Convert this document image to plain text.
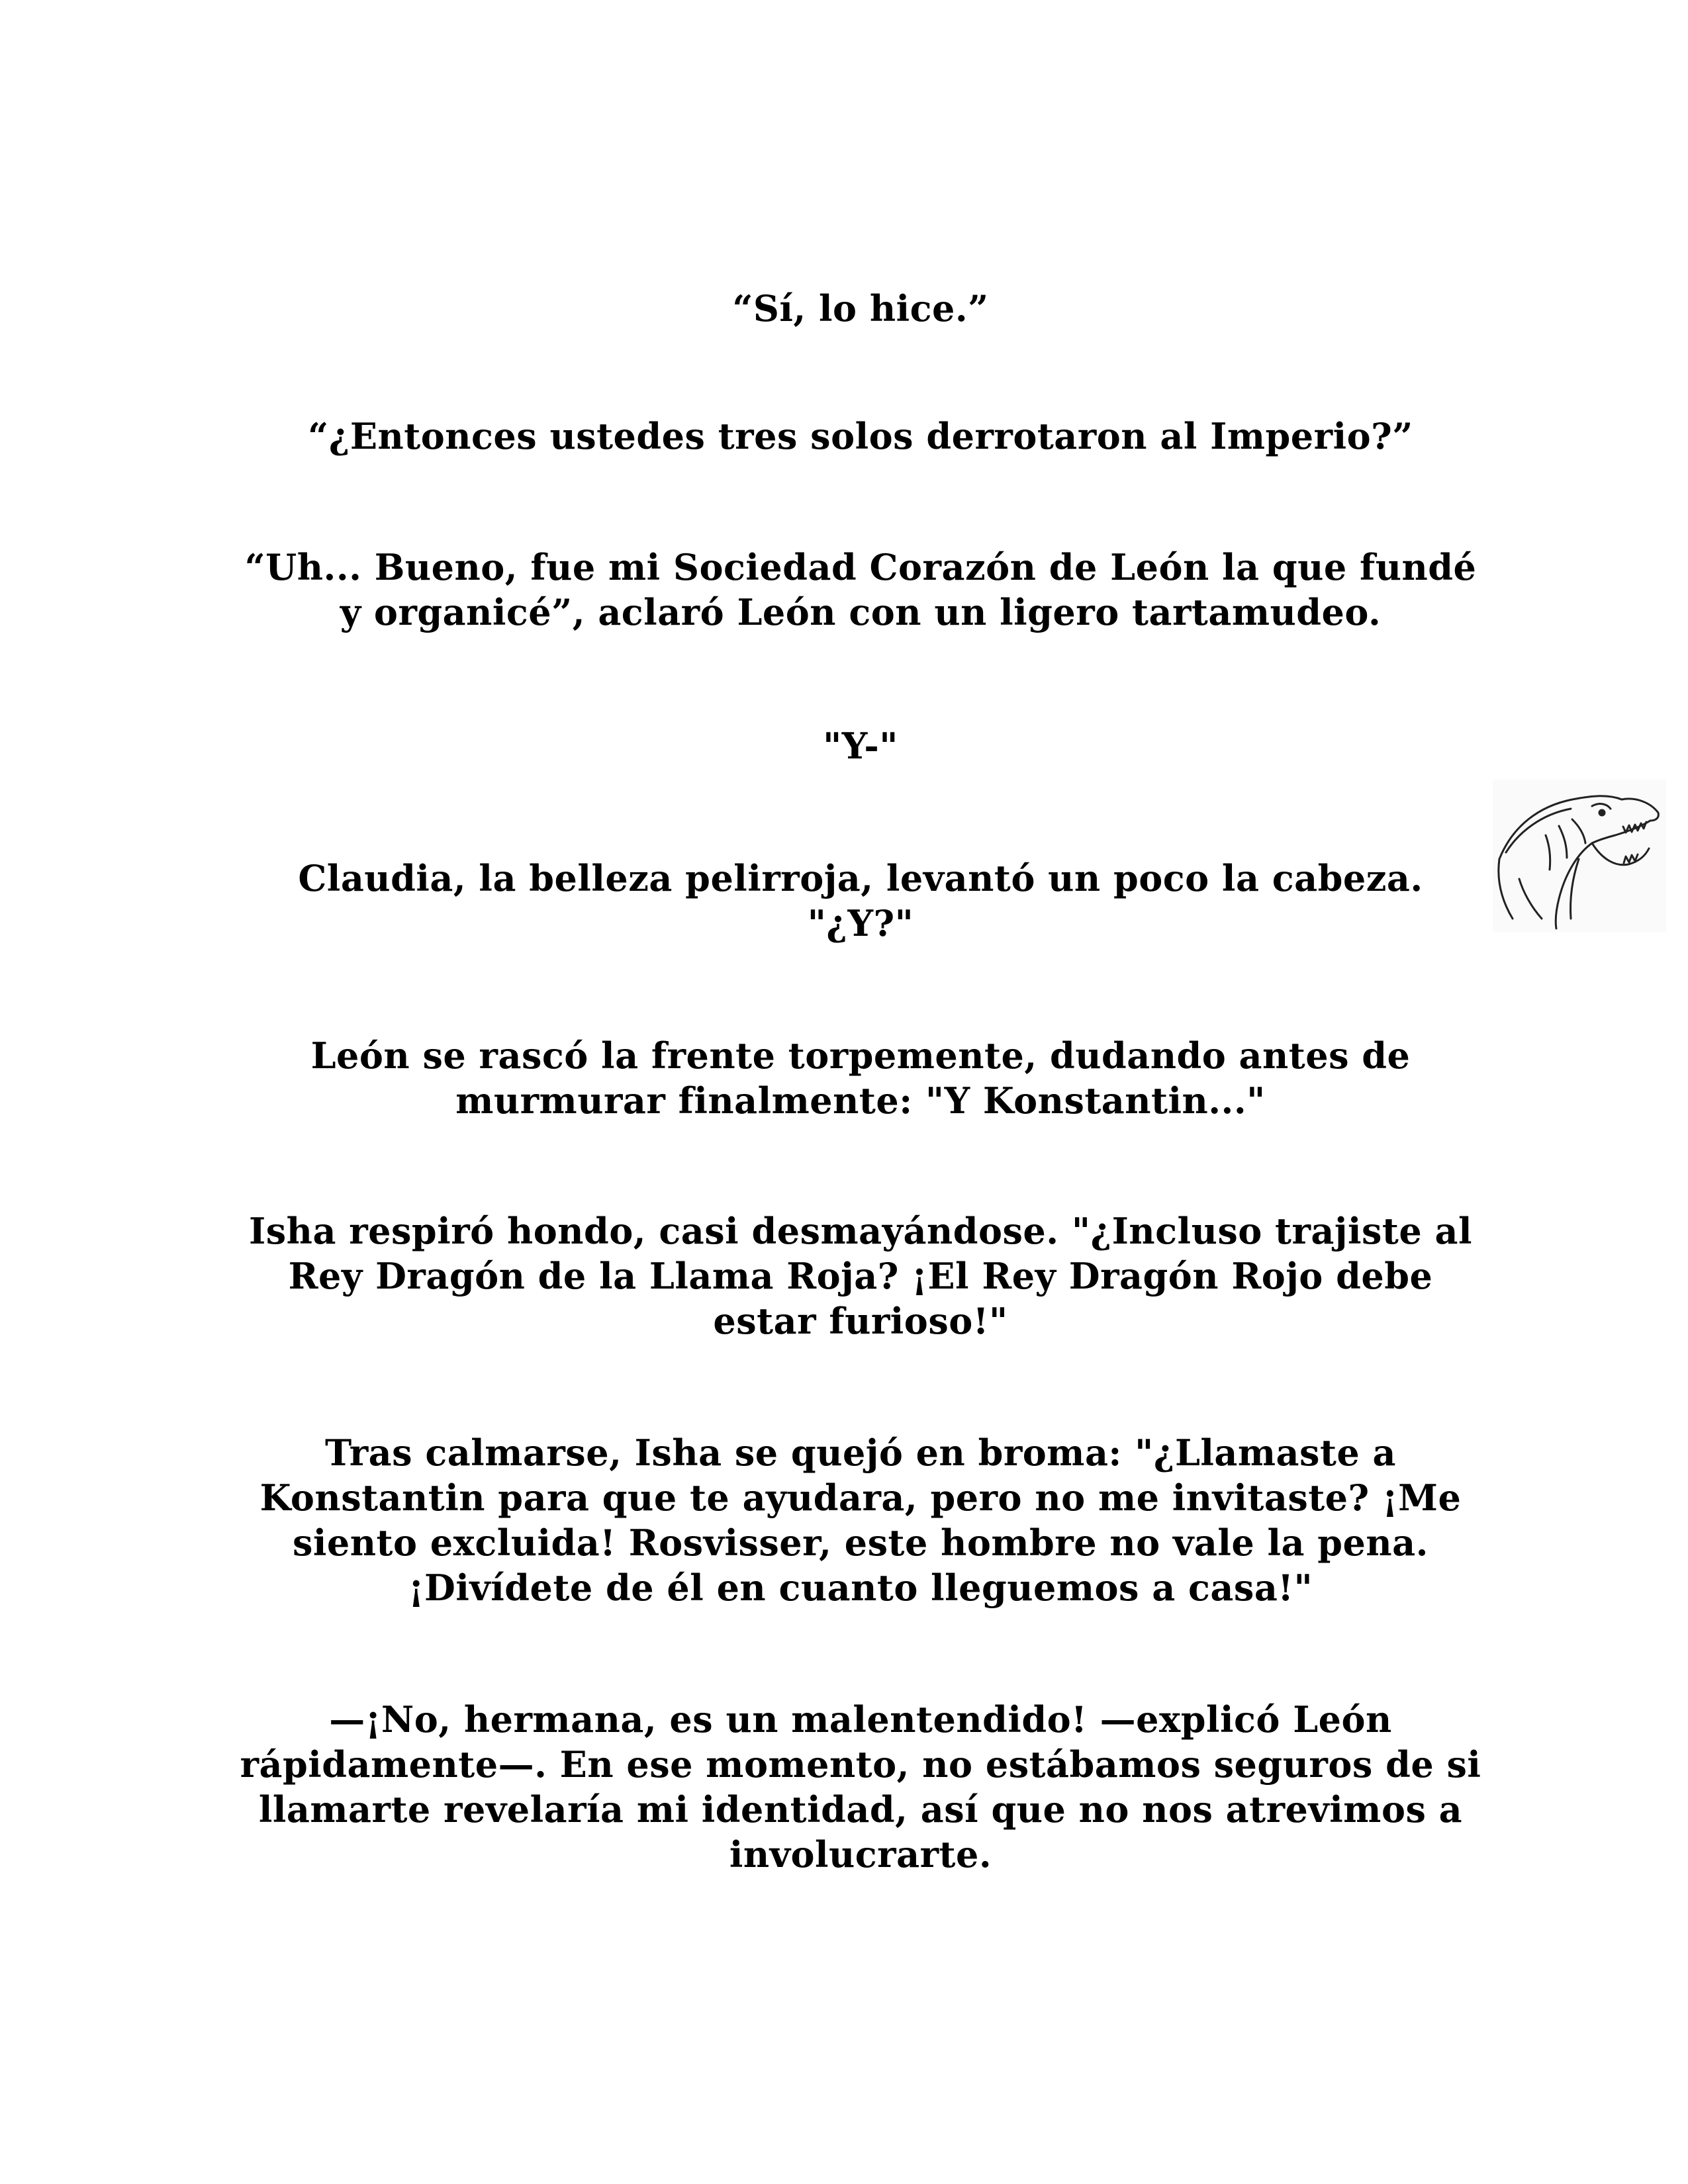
“Sí, lo hice.”

“¿Entonces ustedes tres solos derrotaron al Imperio?”

“Uh... Bueno, fue mi Sociedad Corazón de León la que fundé
y organicé”, aclaró León con un ligero tartamudeo.

"Y-"

Claudia, la belleza pelirroja, levantó un poco la cabeza.
"¿Y?"

León se rascó la frente torpemente, dudando antes de
murmurar finalmente: "Y Konstantin..."

Isha respiró hondo, casi desmayándose. "¿Incluso trajiste al
Rey Dragón de la Llama Roja? ¡El Rey Dragón Rojo debe
estar furioso!"

Tras calmarse, Isha se quejó en broma: "¿Llamaste a
Konstantin para que te ayudara, pero no me invitaste? ¡Me
siento excluida! Rosvisser, este hombre no vale la pena.
¡Divídete de él en cuanto lleguemos a casa!"

—¡No, hermana, es un malentendido! —explicó León
rápidamente—. En ese momento, no estábamos seguros de si
llamarte revelaría mi identidad, así que no nos atrevimos a
involucrarte.
